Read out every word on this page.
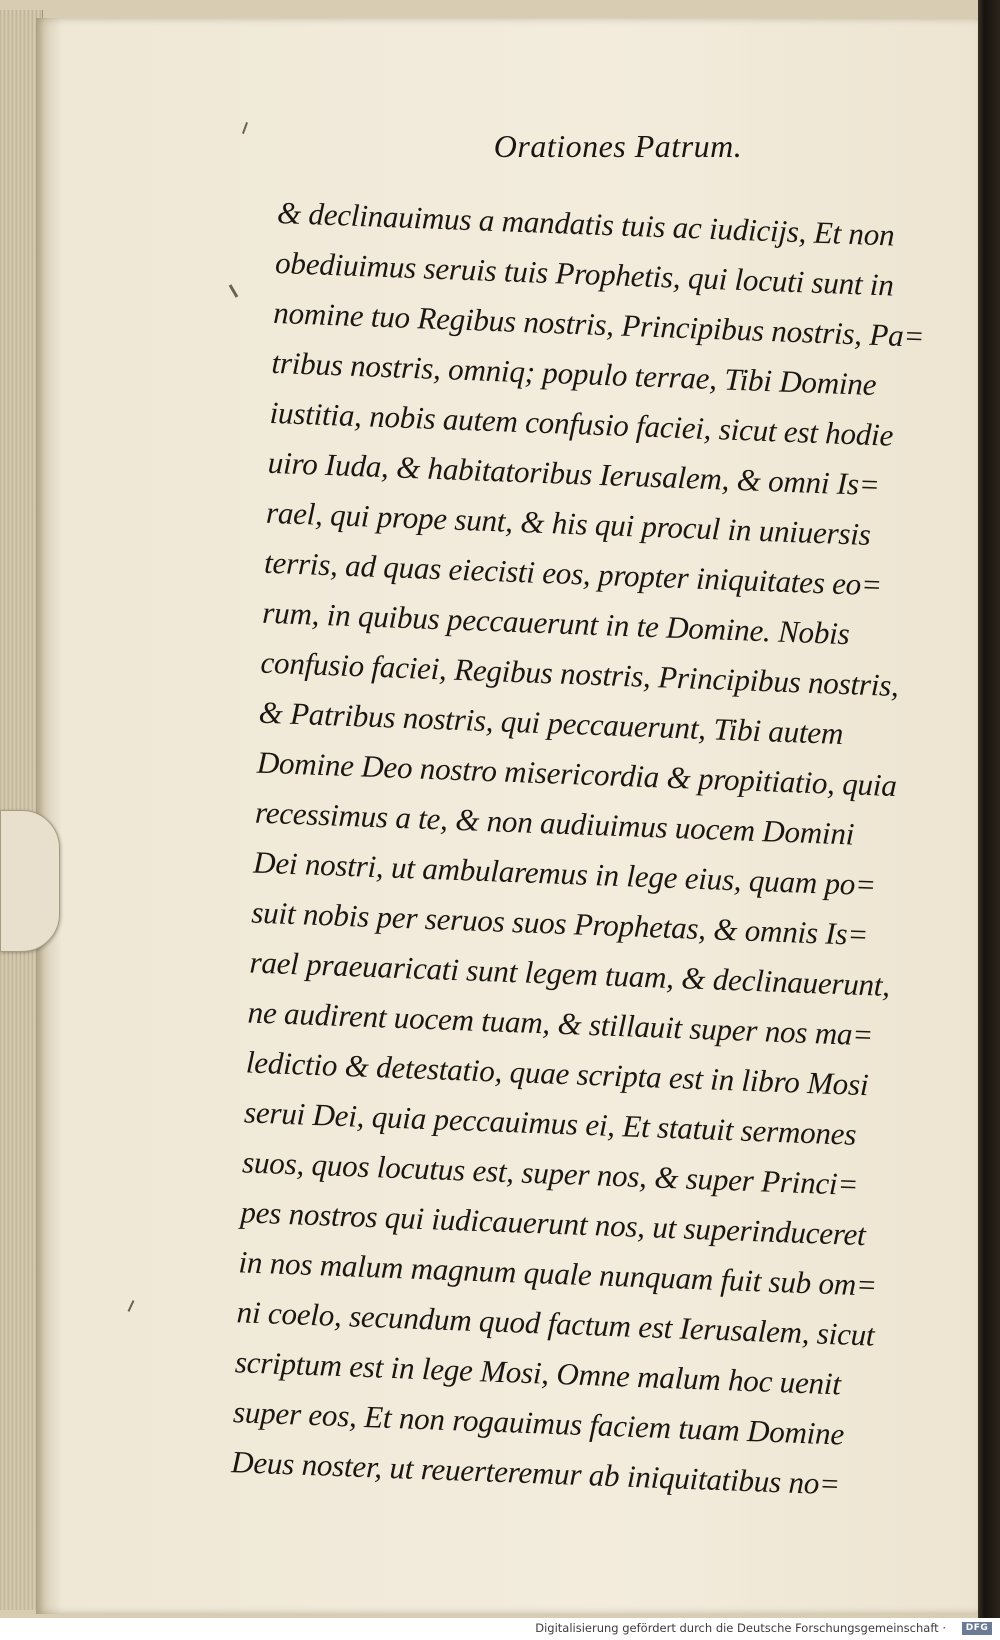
Orationes Patrum.
& declinauimus a mandatis tuis ac iudicijs, Et non
obediuimus seruis tuis Prophetis, qui locuti sunt in
nomine tuo Regibus nostris, Principibus nostris, Pa=
tribus nostris, omniq; populo terrae, Tibi Domine
iustitia, nobis autem confusio faciei, sicut est hodie
uiro Iuda, & habitatoribus Ierusalem, & omni Is=
rael, qui prope sunt, & his qui procul in uniuersis
terris, ad quas eiecisti eos, propter iniquitates eo=
rum, in quibus peccauerunt in te Domine. Nobis
confusio faciei, Regibus nostris, Principibus nostris,
& Patribus nostris, qui peccauerunt, Tibi autem
Domine Deo nostro misericordia & propitiatio, quia
recessimus a te, & non audiuimus uocem Domini
Dei nostri, ut ambularemus in lege eius, quam po=
suit nobis per seruos suos Prophetas, & omnis Is=
rael praeuaricati sunt legem tuam, & declinauerunt,
ne audirent uocem tuam, & stillauit super nos ma=
ledictio & detestatio, quae scripta est in libro Mosi
serui Dei, quia peccauimus ei, Et statuit sermones
suos, quos locutus est, super nos, & super Princi=
pes nostros qui iudicauerunt nos, ut superinduceret
in nos malum magnum quale nunquam fuit sub om=
ni coelo, secundum quod factum est Ierusalem, sicut
scriptum est in lege Mosi, Omne malum hoc uenit
super eos, Et non rogauimus faciem tuam Domine
Deus noster, ut reuerteremur ab iniquitatibus no=
Digitalisierung gefördert durch die Deutsche Forschungsgemeinschaft ·	DFG
